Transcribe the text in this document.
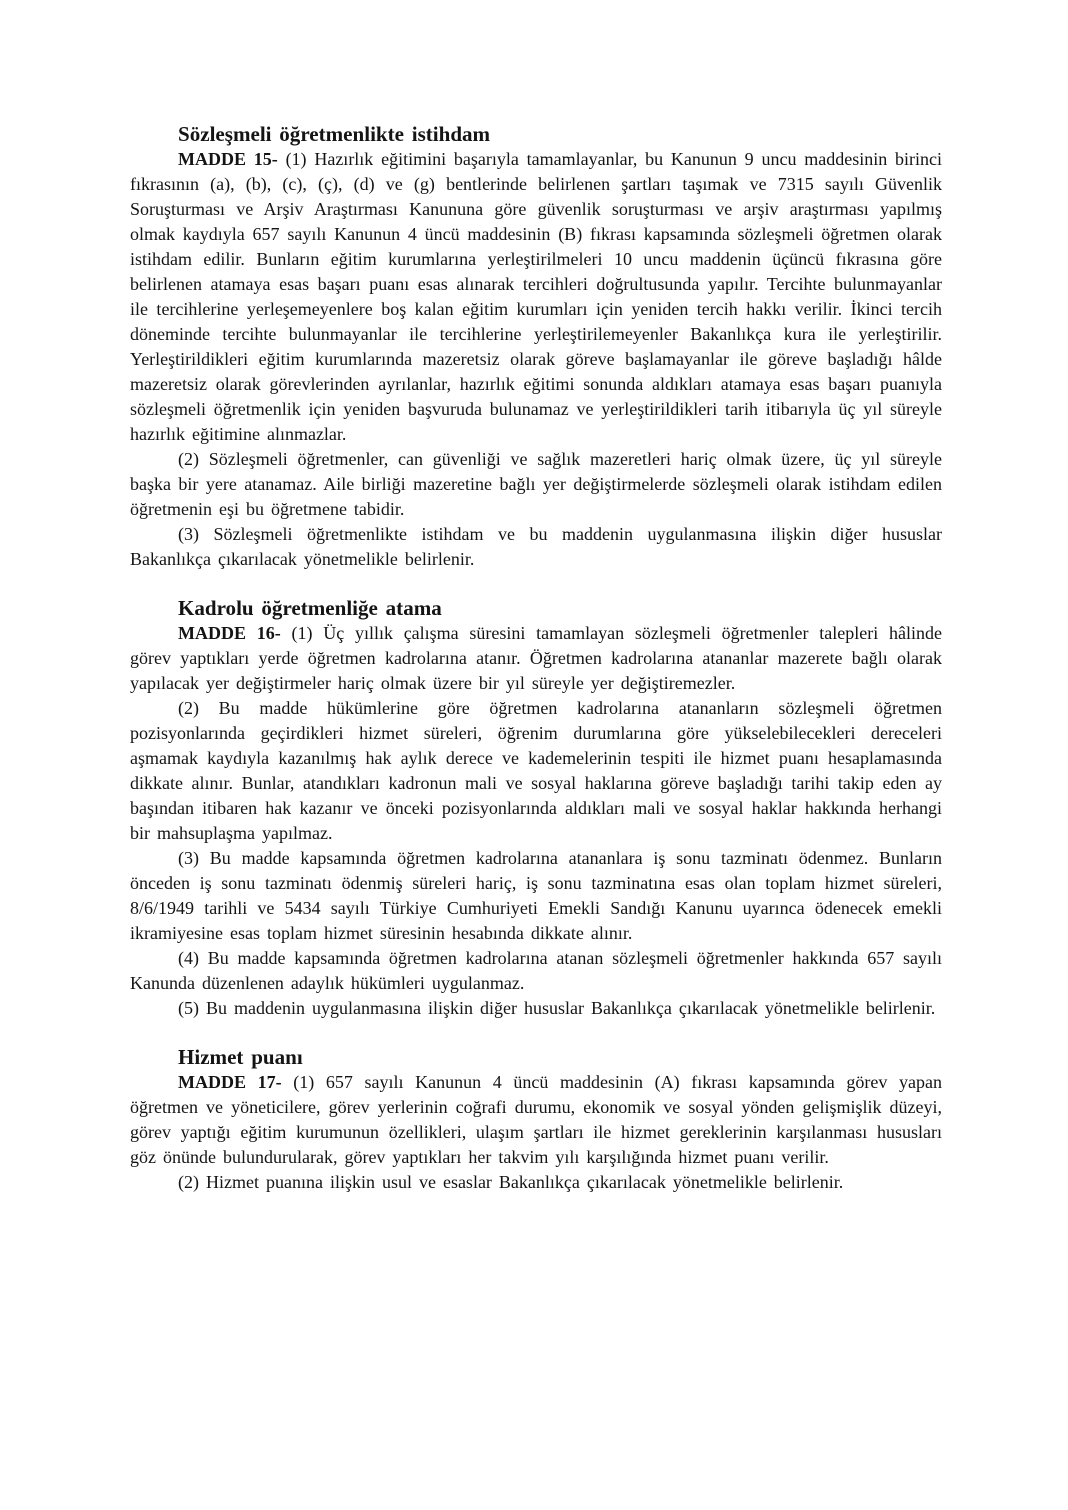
Sözleşmeli öğretmenlikte istihdam

MADDE 15- (1) Hazırlık eğitimini başarıyla tamamlayanlar, bu Kanunun 9 uncu maddesinin birinci fıkrasının (a), (b), (c), (ç), (d) ve (g) bentlerinde belirlenen şartları taşımak ve 7315 sayılı Güvenlik Soruşturması ve Arşiv Araştırması Kanununa göre güvenlik soruşturması ve arşiv araştırması yapılmış olmak kaydıyla 657 sayılı Kanunun 4 üncü maddesinin (B) fıkrası kapsamında sözleşmeli öğretmen olarak istihdam edilir. Bunların eğitim kurumlarına yerleştirilmeleri 10 uncu maddenin üçüncü fıkrasına göre belirlenen atamaya esas başarı puanı esas alınarak tercihleri doğrultusunda yapılır. Tercihte bulunmayanlar ile tercihlerine yerleşemeyenlere boş kalan eğitim kurumları için yeniden tercih hakkı verilir. İkinci tercih döneminde tercihte bulunmayanlar ile tercihlerine yerleştirilemeyenler Bakanlıkça kura ile yerleştirilir. Yerleştirildikleri eğitim kurumlarında mazeretsiz olarak göreve başlamayanlar ile göreve başladığı hâlde mazeretsiz olarak görevlerinden ayrılanlar, hazırlık eğitimi sonunda aldıkları atamaya esas başarı puanıyla sözleşmeli öğretmenlik için yeniden başvuruda bulunamaz ve yerleştirildikleri tarih itibarıyla üç yıl süreyle hazırlık eğitimine alınmazlar.

(2) Sözleşmeli öğretmenler, can güvenliği ve sağlık mazeretleri hariç olmak üzere, üç yıl süreyle başka bir yere atanamaz. Aile birliği mazeretine bağlı yer değiştirmelerde sözleşmeli olarak istihdam edilen öğretmenin eşi bu öğretmene tabidir.

(3) Sözleşmeli öğretmenlikte istihdam ve bu maddenin uygulanmasına ilişkin diğer hususlar Bakanlıkça çıkarılacak yönetmelikle belirlenir.

Kadrolu öğretmenliğe atama

MADDE 16- (1) Üç yıllık çalışma süresini tamamlayan sözleşmeli öğretmenler talepleri hâlinde görev yaptıkları yerde öğretmen kadrolarına atanır. Öğretmen kadrolarına atananlar mazerete bağlı olarak yapılacak yer değiştirmeler hariç olmak üzere bir yıl süreyle yer değiştiremezler.

(2) Bu madde hükümlerine göre öğretmen kadrolarına atananların sözleşmeli öğretmen pozisyonlarında geçirdikleri hizmet süreleri, öğrenim durumlarına göre yükselebilecekleri dereceleri aşmamak kaydıyla kazanılmış hak aylık derece ve kademelerinin tespiti ile hizmet puanı hesaplamasında dikkate alınır. Bunlar, atandıkları kadronun mali ve sosyal haklarına göreve başladığı tarihi takip eden ay başından itibaren hak kazanır ve önceki pozisyonlarında aldıkları mali ve sosyal haklar hakkında herhangi bir mahsuplaşma yapılmaz.

(3) Bu madde kapsamında öğretmen kadrolarına atananlara iş sonu tazminatı ödenmez. Bunların önceden iş sonu tazminatı ödenmiş süreleri hariç, iş sonu tazminatına esas olan toplam hizmet süreleri, 8/6/1949 tarihli ve 5434 sayılı Türkiye Cumhuriyeti Emekli Sandığı Kanunu uyarınca ödenecek emekli ikramiyesine esas toplam hizmet süresinin hesabında dikkate alınır.

(4) Bu madde kapsamında öğretmen kadrolarına atanan sözleşmeli öğretmenler hakkında 657 sayılı Kanunda düzenlenen adaylık hükümleri uygulanmaz.

(5) Bu maddenin uygulanmasına ilişkin diğer hususlar Bakanlıkça çıkarılacak yönetmelikle belirlenir.

Hizmet puanı

MADDE 17- (1) 657 sayılı Kanunun 4 üncü maddesinin (A) fıkrası kapsamında görev yapan öğretmen ve yöneticilere, görev yerlerinin coğrafi durumu, ekonomik ve sosyal yönden gelişmişlik düzeyi, görev yaptığı eğitim kurumunun özellikleri, ulaşım şartları ile hizmet gereklerinin karşılanması hususları göz önünde bulundurularak, görev yaptıkları her takvim yılı karşılığında hizmet puanı verilir.

(2) Hizmet puanına ilişkin usul ve esaslar Bakanlıkça çıkarılacak yönetmelikle belirlenir.
